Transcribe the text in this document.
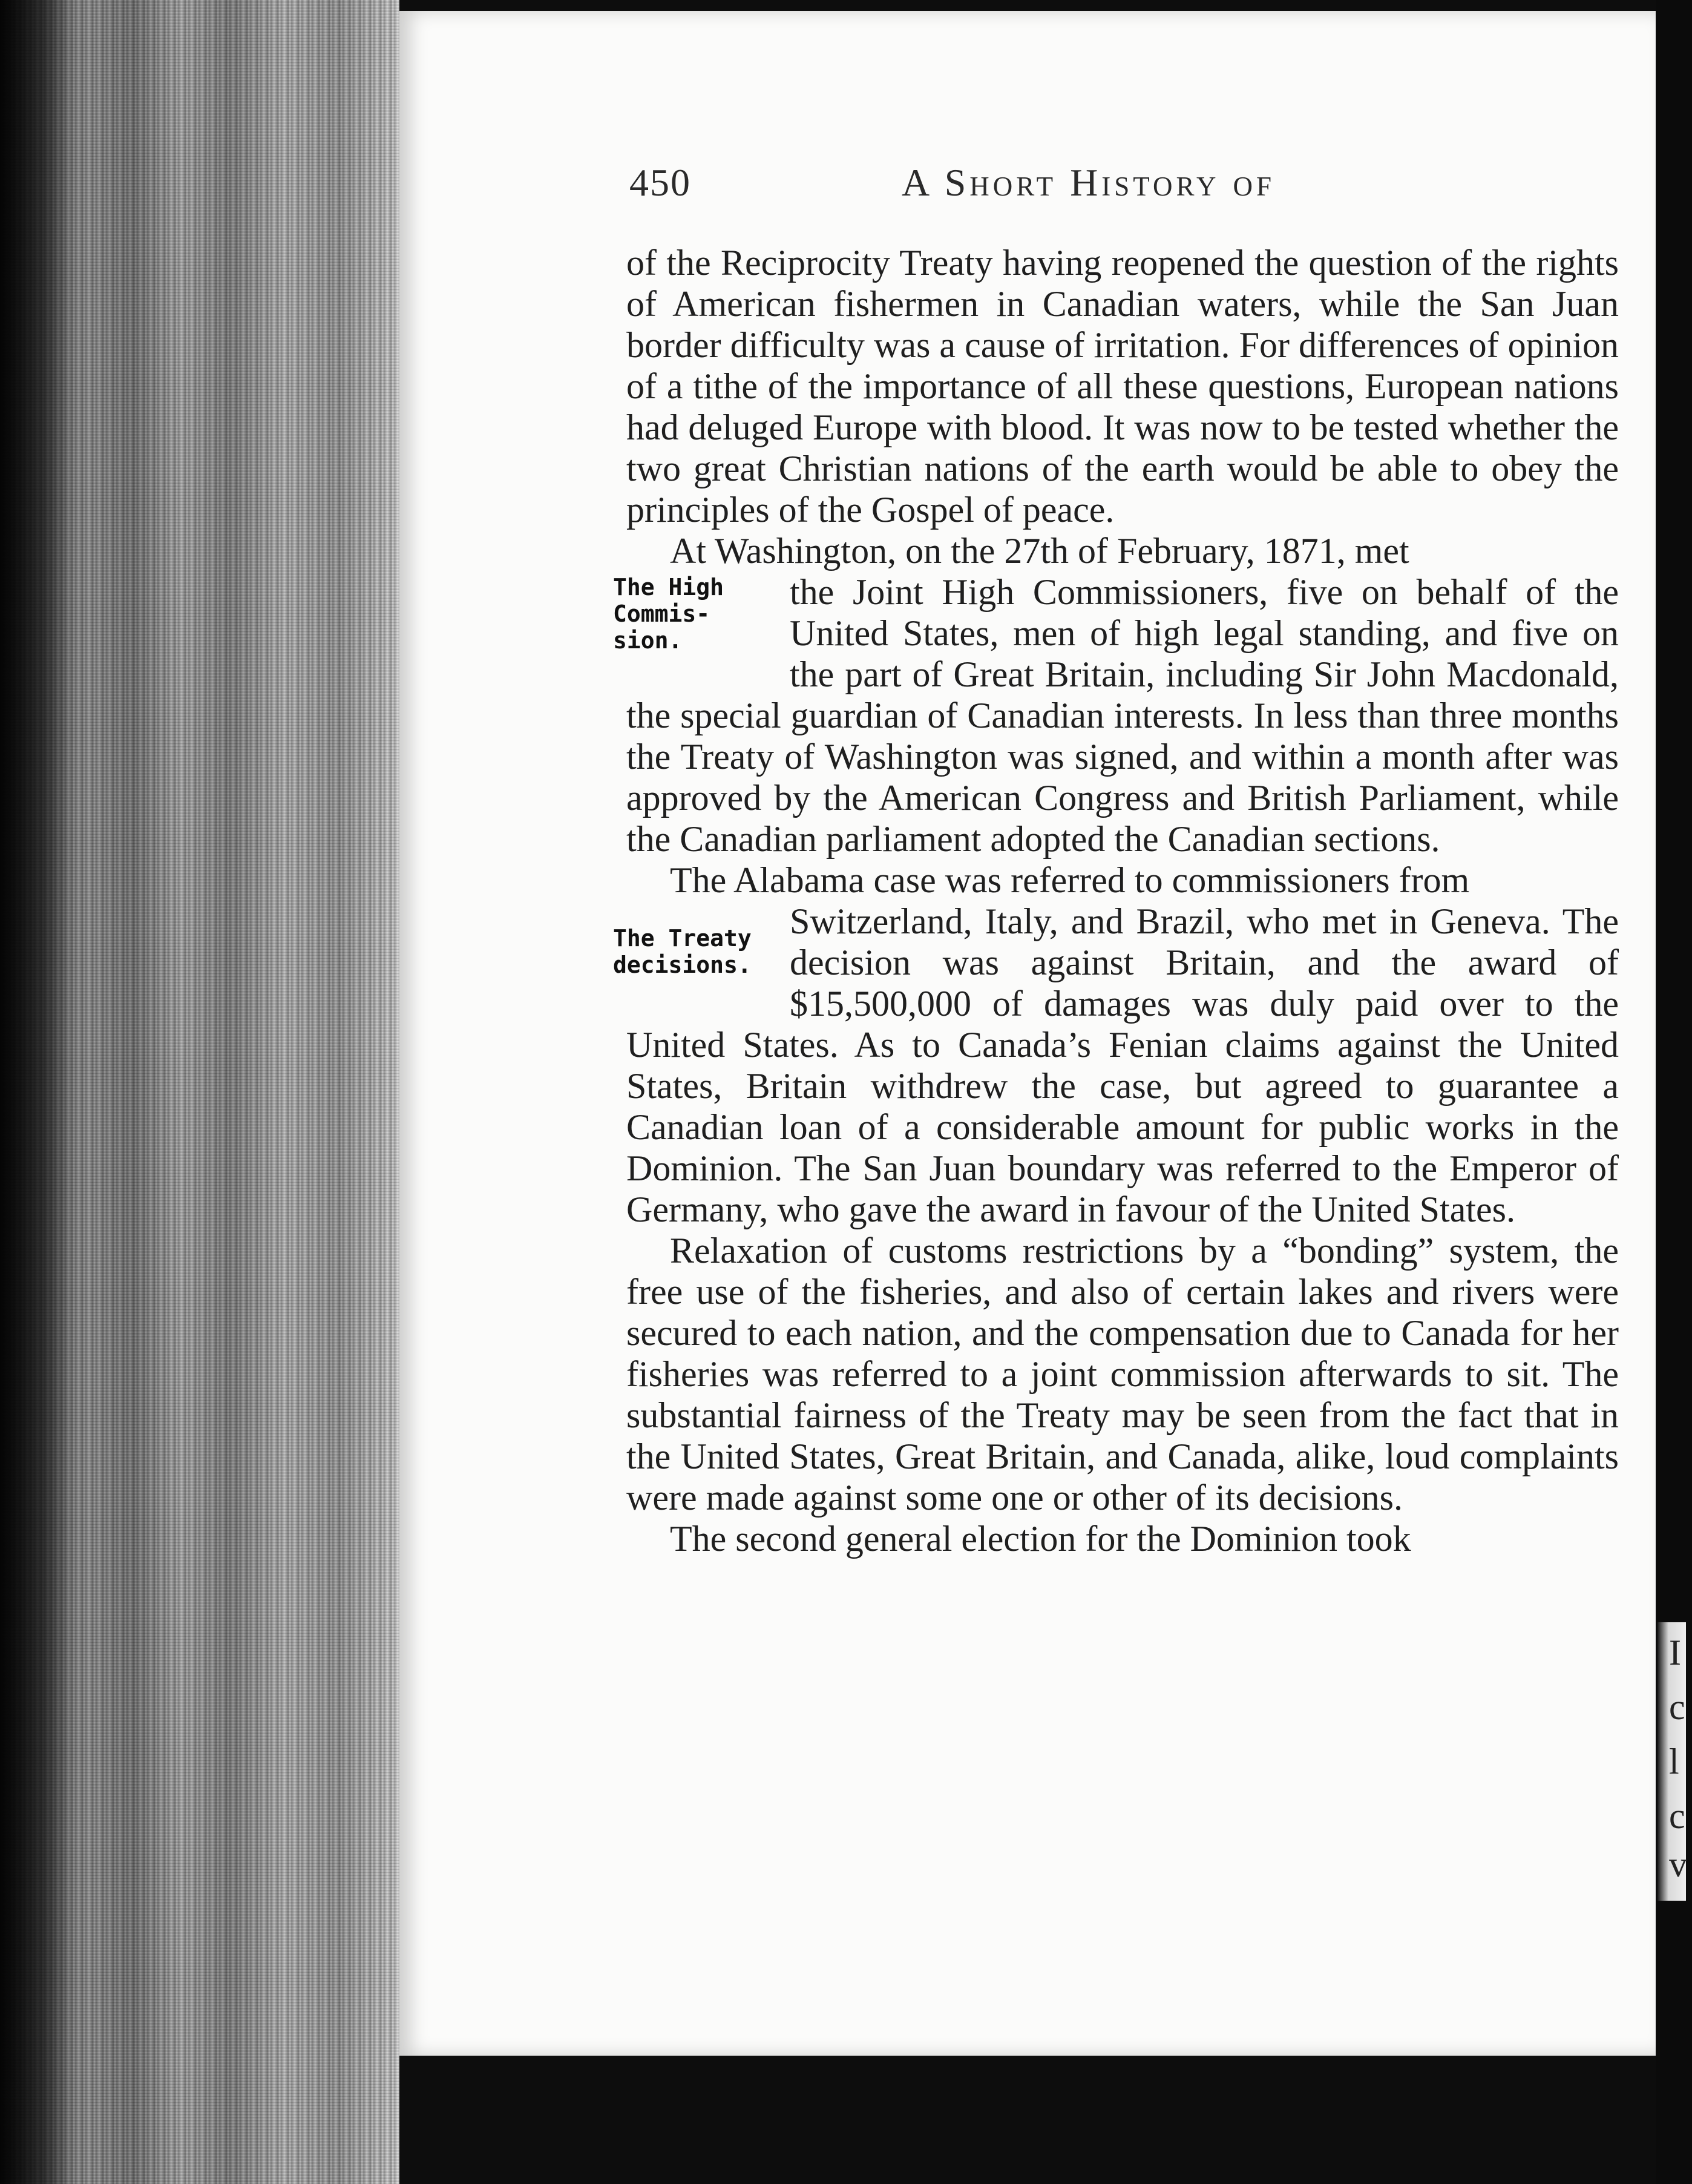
I
c
l
c
v
450	A Short History of

of the Reciprocity Treaty having reopened the question of the rights of American fishermen in Canadian waters, while the San Juan border difficulty was a cause of irritation. For differences of opinion of a tithe of the importance of all these questions, European nations had deluged Europe with blood. It was now to be tested whether the two great Christian nations of the earth would be able to obey the principles of the Gospel of peace.

At Washington, on the 27th of February, 1871, met

The High
Commis-
sion.

the Joint High Commissioners, five on behalf of the United States, men of high legal standing, and five on the part of Great Britain, including Sir John Macdonald, the special guardian of Canadian interests. In less than three months the Treaty of Washington was signed, and within a month after was approved by the American Congress and British Parliament, while the Canadian parliament adopted the Canadian sections.

The Alabama case was referred to commissioners from

The Treaty
decisions.

Switzerland, Italy, and Brazil, who met in Geneva. The decision was against Britain, and the award of $15,500,000 of damages was duly paid over to the United States. As to Canada’s Fenian claims against the United States, Britain withdrew the case, but agreed to guarantee a Canadian loan of a considerable amount for public works in the Dominion. The San Juan boundary was referred to the Emperor of Germany, who gave the award in favour of the United States.

Relaxation of customs restrictions by a “bonding” system, the free use of the fisheries, and also of certain lakes and rivers were secured to each nation, and the compensation due to Canada for her fisheries was referred to a joint commission afterwards to sit. The substantial fairness of the Treaty may be seen from the fact that in the United States, Great Britain, and Canada, alike, loud complaints were made against some one or other of its decisions.

The second general election for the Dominion took
